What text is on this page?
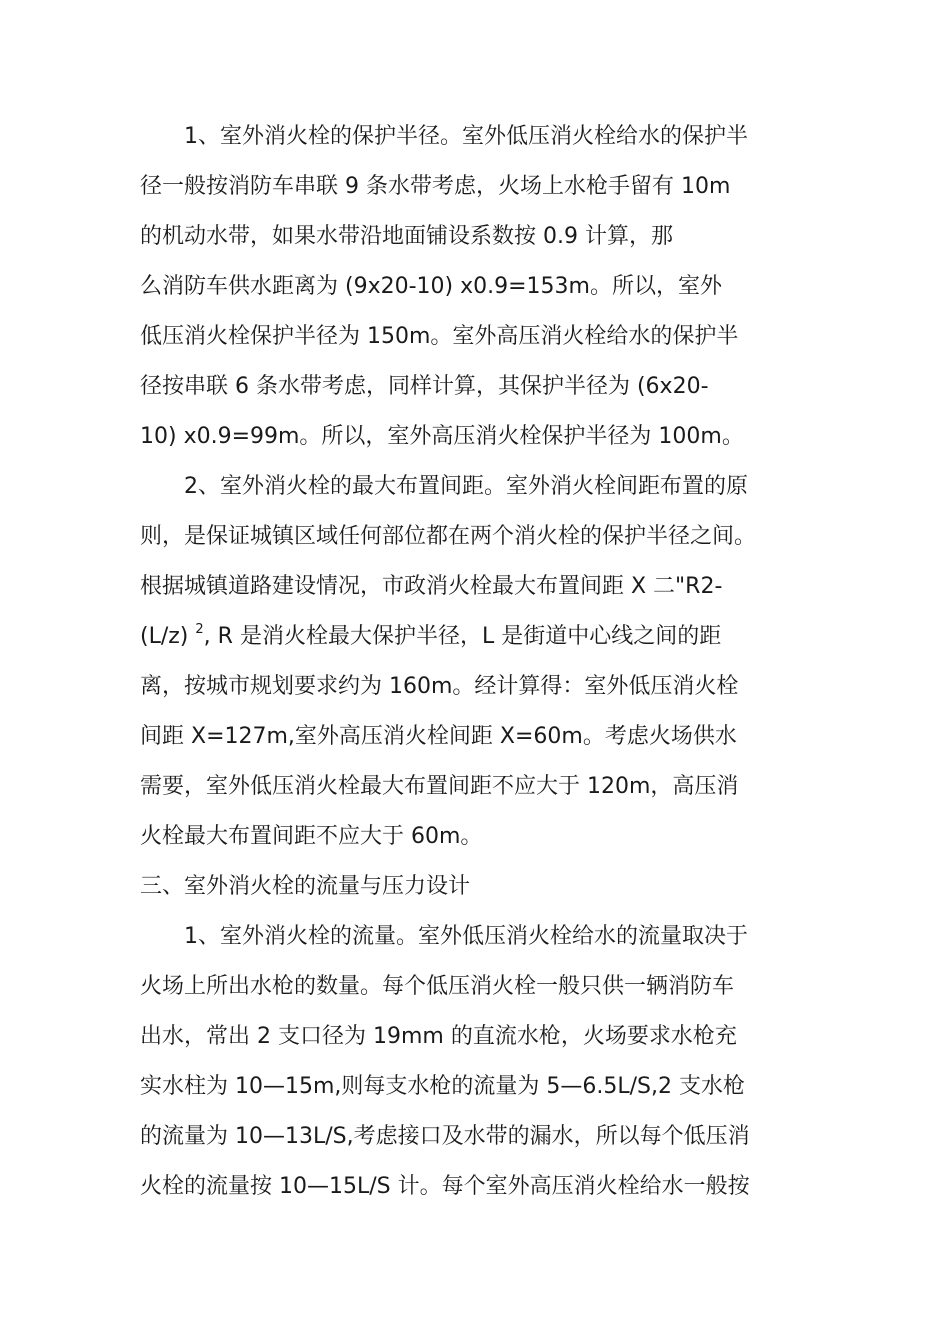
1、室外消火栓的保护半径。室外低压消火栓给水的保护半
径一般按消防车串联 9 条水带考虑，火场上水枪手留有 10m
的机动水带，如果水带沿地面铺设系数按 0.9 计算，那
么消防车供水距离为 (9x20-10) x0.9=153m。所以，室外
低压消火栓保护半径为 150m。室外高压消火栓给水的保护半
径按串联 6 条水带考虑，同样计算，其保护半径为 (6x20-
10) x0.9=99m。所以，室外高压消火栓保护半径为 100m。
2、室外消火栓的最大布置间距。室外消火栓间距布置的原
则，是保证城镇区域任何部位都在两个消火栓的保护半径之间。
根据城镇道路建设情况，市政消火栓最大布置间距 X 二"R2-
(L/z) $^2$, R 是消火栓最大保护半径，L 是街道中心线之间的距
离，按城市规划要求约为 160m。经计算得：室外低压消火栓
间距 X=127m,室外高压消火栓间距 X=60m。考虑火场供水
需要，室外低压消火栓最大布置间距不应大于 120m，高压消
火栓最大布置间距不应大于 60m。
三、室外消火栓的流量与压力设计
1、室外消火栓的流量。室外低压消火栓给水的流量取决于
火场上所出水枪的数量。每个低压消火栓一般只供一辆消防车
出水，常出 2 支口径为 19mm 的直流水枪，火场要求水枪充
实水柱为 10—15m,则每支水枪的流量为 5—6.5L/S,2 支水枪
的流量为 10—13L/S,考虑接口及水带的漏水，所以每个低压消
火栓的流量按 10—15L/S 计。每个室外高压消火栓给水一般按
